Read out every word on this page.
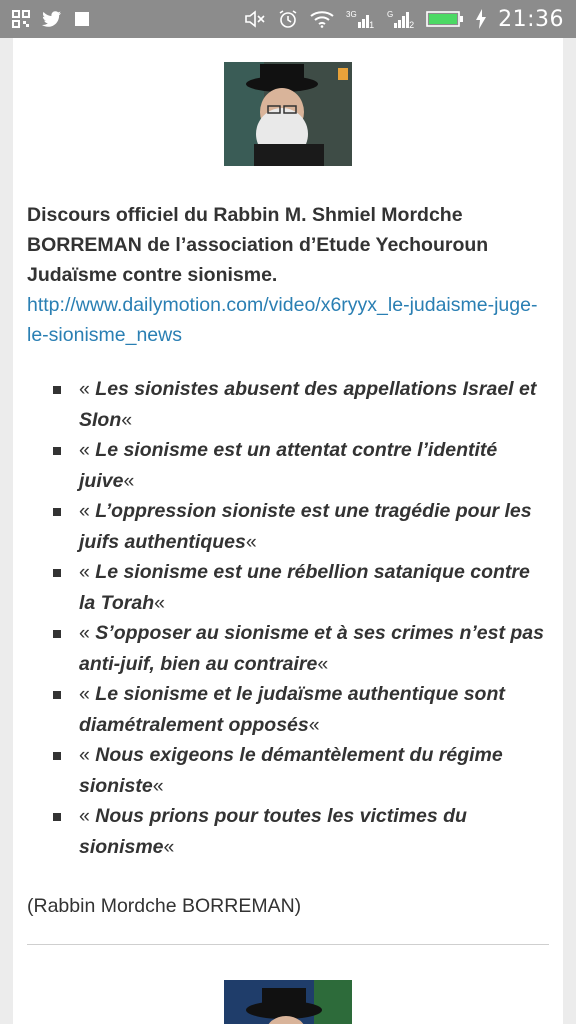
3G
1
G
2	21:36
Discours officiel du Rabbin M. Shmiel Mordche BORREMAN de l’association d’Etude Yechouroun Judaïsme contre sionisme.
http://www.dailymotion.com/video/x6ryyx_le-judaisme-juge-le-sionisme_news
« Les sionistes abusent des appellations Israel et SIon«
« Le sionisme est un attentat contre l’identité juive«
« L’oppression sioniste est une tragédie pour les juifs authentiques«
« Le sionisme est une rébellion satanique contre la Torah«
« S’opposer au sionisme et à ses crimes n’est pas anti-juif, bien au contraire«
« Le sionisme et le judaïsme authentique sont diamétralement opposés«
« Nous exigeons le démantèlement du régime sioniste«
« Nous prions pour toutes les victimes du sionisme«
(Rabbin Mordche BORREMAN)
